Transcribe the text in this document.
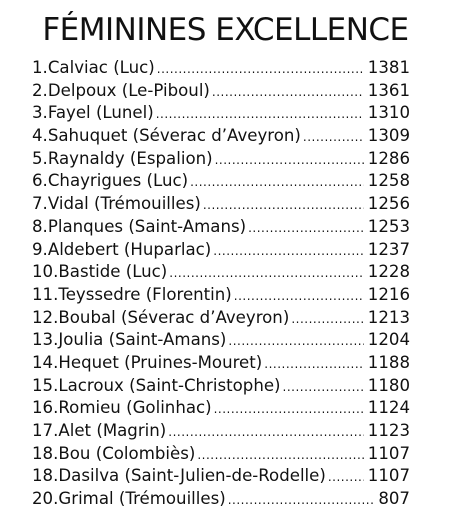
FÉMININES EXCELLENCE
1. Calviac (Luc) .....	1381
2. Delpoux (Le-Piboul) .....	1361
3. Fayel (Lunel) .....	1310
4. Sahuquet (Séverac d’Aveyron) .....	1309
5. Raynaldy (Espalion) .....	1286
6. Chayrigues (Luc) .....	1258
7. Vidal (Trémouilles) .....	1256
8. Planques (Saint-Amans) .....	1253
9. Aldebert (Huparlac) .....	1237
10. Bastide (Luc) .....	1228
11. Teyssedre (Florentin) .....	1216
12. Boubal (Séverac d’Aveyron) .....	1213
13. Joulia (Saint-Amans) .....	1204
14. Hequet (Pruines-Mouret) .....	1188
15. Lacroux (Saint-Christophe) .....	1180
16. Romieu (Golinhac) .....	1124
17. Alet (Magrin) .....	1123
18. Bou (Colombiès) .....	1107
18. Dasilva (Saint-Julien-de-Rodelle) .....	1107
20. Grimal (Trémouilles) .....	807
